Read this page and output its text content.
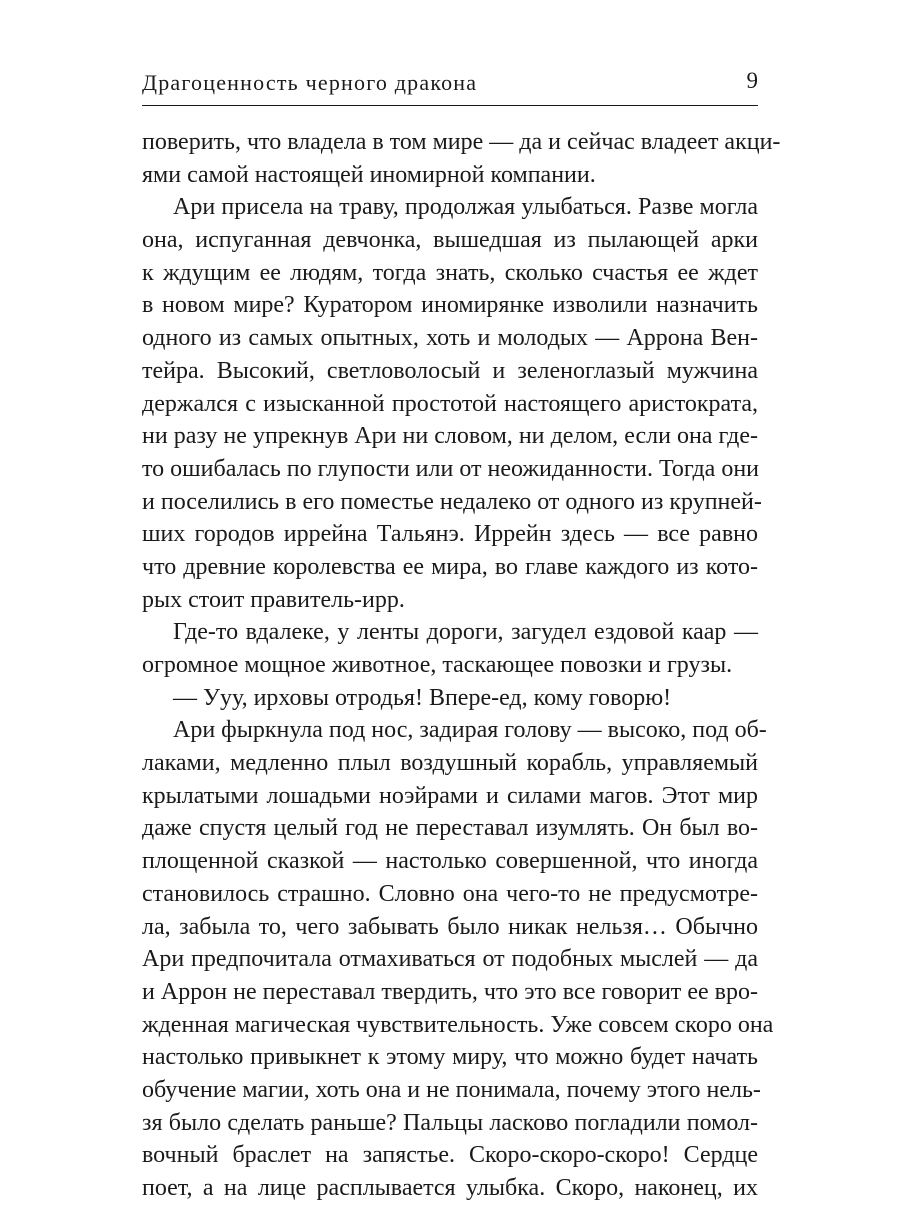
Драгоценность черного дракона	9
поверить, что владела в том мире — да и сейчас владеет акци-
ями самой настоящей иномирной компании.
Ари присела на траву, продолжая улыбаться. Разве могла
она, испуганная девчонка, вышедшая из пылающей арки
к ждущим ее людям, тогда знать, сколько счастья ее ждет
в новом мире? Куратором иномирянке изволили назначить
одного из самых опытных, хоть и молодых — Аррона Вен-
тейра. Высокий, светловолосый и зеленоглазый мужчина
держался с изысканной простотой настоящего аристократа,
ни разу не упрекнув Ари ни словом, ни делом, если она где-
то ошибалась по глупости или от неожиданности. Тогда они
и поселились в его поместье недалеко от одного из крупней-
ших городов иррейна Тальянэ. Иррейн здесь — все равно
что древние королевства ее мира, во главе каждого из кото-
рых стоит правитель-ирр.
Где-то вдалеке, у ленты дороги, загудел ездовой каар —
огромное мощное животное, таскающее повозки и грузы.
— Ууу, ирховы отродья! Впере-ед, кому говорю!
Ари фыркнула под нос, задирая голову — высоко, под об-
лаками, медленно плыл воздушный корабль, управляемый
крылатыми лошадьми ноэйрами и силами магов. Этот мир
даже спустя целый год не переставал изумлять. Он был во-
площенной сказкой — настолько совершенной, что иногда
становилось страшно. Словно она чего-то не предусмотре-
ла, забыла то, чего забывать было никак нельзя… Обычно
Ари предпочитала отмахиваться от подобных мыслей — да
и Аррон не переставал твердить, что это все говорит ее вро-
жденная магическая чувствительность. Уже совсем скоро она
настолько привыкнет к этому миру, что можно будет начать
обучение магии, хоть она и не понимала, почему этого нель-
зя было сделать раньше? Пальцы ласково погладили помол-
вочный браслет на запястье. Скоро-скоро-скоро! Сердце
поет, а на лице расплывается улыбка. Скоро, наконец, их
